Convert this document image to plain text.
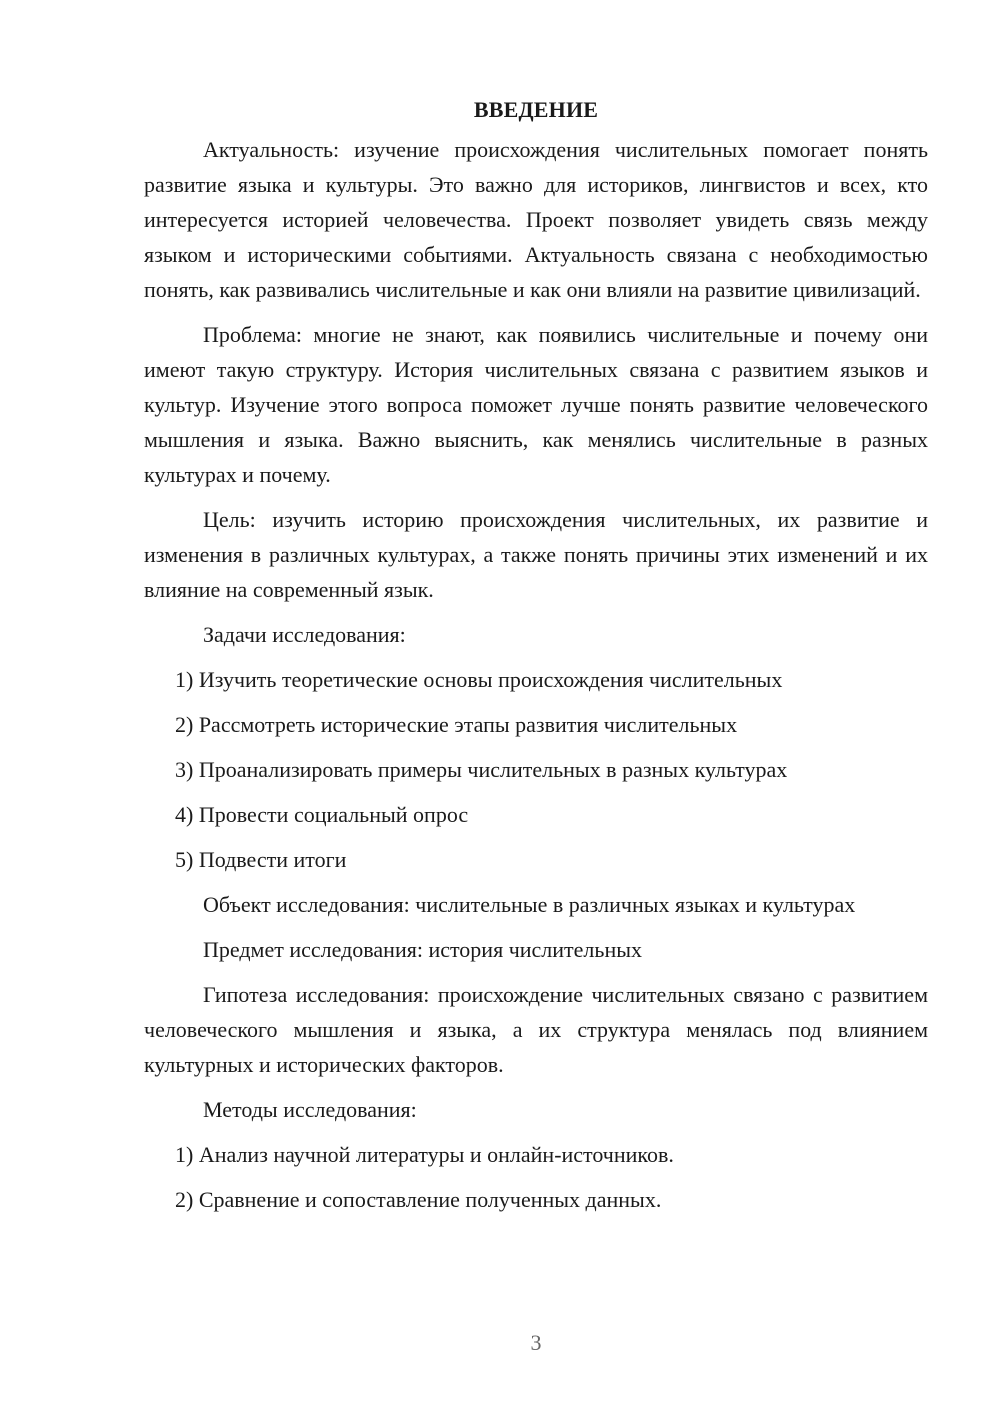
ВВЕДЕНИЕ

Актуальность: изучение происхождения числительных помогает понять развитие языка и культуры. Это важно для историков, лингвистов и всех, кто интересуется историей человечества. Проект позволяет увидеть связь между языком и историческими событиями. Актуальность связана с необходимостью понять, как развивались числительные и как они влияли на развитие цивилизаций.

Проблема: многие не знают, как появились числительные и почему они имеют такую структуру. История числительных связана с развитием языков и культур. Изучение этого вопроса поможет лучше понять развитие человеческого мышления и языка. Важно выяснить, как менялись числительные в разных культурах и почему.

Цель: изучить историю происхождения числительных, их развитие и изменения в различных культурах, а также понять причины этих изменений и их влияние на современный язык.

Задачи исследования:

1) Изучить теоретические основы происхождения числительных
2) Рассмотреть исторические этапы развития числительных
3) Проанализировать примеры числительных в разных культурах
4) Провести социальный опрос
5) Подвести итоги

Объект исследования: числительные в различных языках и культурах

Предмет исследования: история числительных

Гипотеза исследования: происхождение числительных связано с развитием человеческого мышления и языка, а их структура менялась под влиянием культурных и исторических факторов.

Методы исследования:

1) Анализ научной литературы и онлайн-источников.
2) Сравнение и сопоставление полученных данных.
3
